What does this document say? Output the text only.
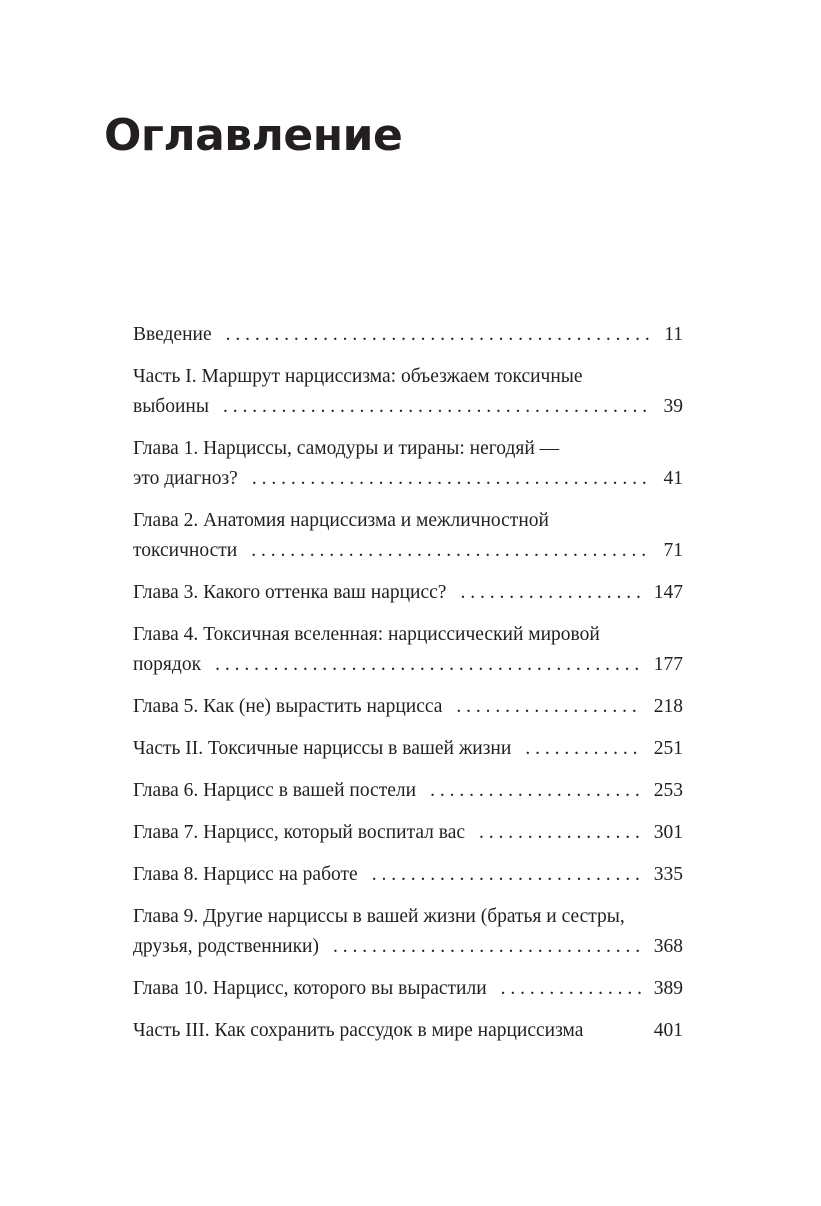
Оглавление
Введение . . .	11
Часть I. Маршрут нарциссизма: объезжаем токсичные
выбоины . . .	39
Глава 1. Нарциссы, самодуры и тираны: негодяй —
это диагноз? . . .	41
Глава 2. Анатомия нарциссизма и межличностной
токсичности . . .	71
Глава 3. Какого оттенка ваш нарцисс? . . .	147
Глава 4. Токсичная вселенная: нарциссический мировой
порядок . . .	177
Глава 5. Как (не) вырастить нарцисса . . .	218
Часть II. Токсичные нарциссы в вашей жизни . . .	251
Глава 6. Нарцисс в вашей постели . . .	253
Глава 7. Нарцисс, который воспитал вас . . .	301
Глава 8. Нарцисс на работе . . .	335
Глава 9. Другие нарциссы в вашей жизни (братья и сестры,
друзья, родственники) . . .	368
Глава 10. Нарцисс, которого вы вырастили . . .	389
Часть III. Как сохранить рассудок в мире нарциссизма	401
